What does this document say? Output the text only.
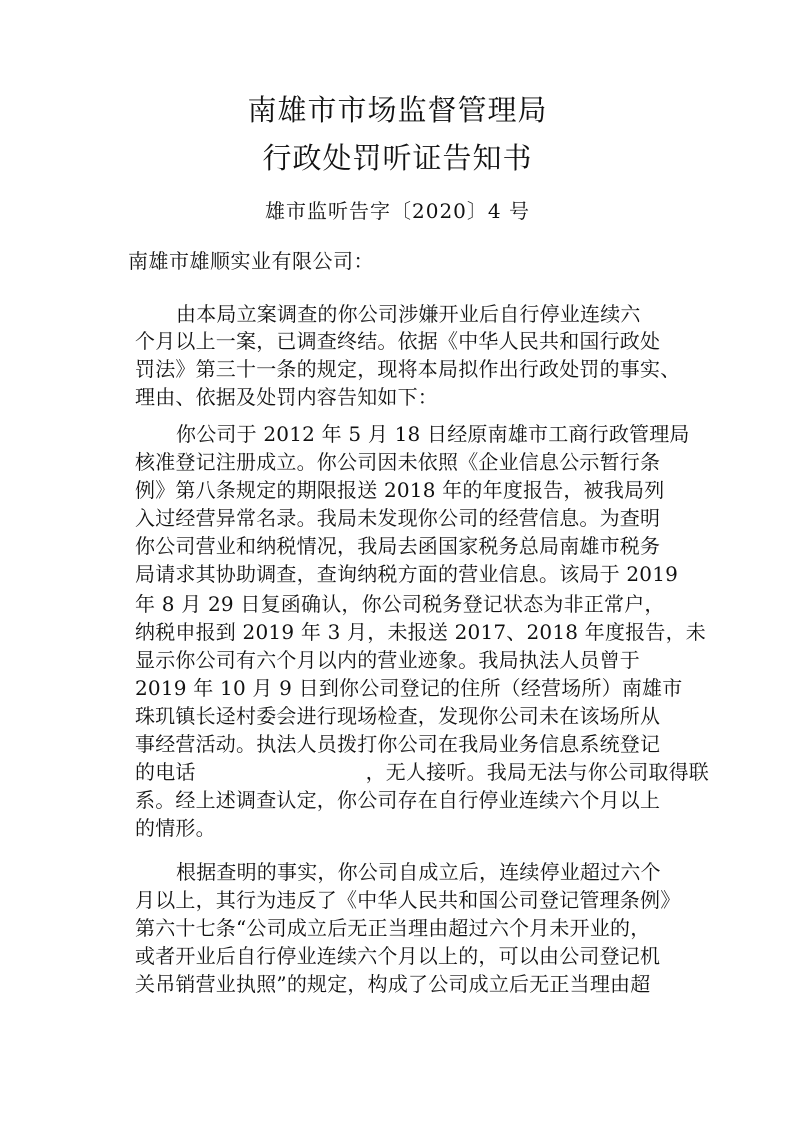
南雄市市场监督管理局
行政处罚听证告知书
雄市监听告字〔2020〕4 号
南雄市雄顺实业有限公司：
由本局立案调查的你公司涉嫌开业后自行停业连续六
个月以上一案，已调查终结。依据《中华人民共和国行政处
罚法》第三十一条的规定，现将本局拟作出行政处罚的事实、
理由、依据及处罚内容告知如下：
你公司于 2012 年 5 月 18 日经原南雄市工商行政管理局
核准登记注册成立。你公司因未依照《企业信息公示暂行条
例》第八条规定的期限报送 2018 年的年度报告，被我局列
入过经营异常名录。我局未发现你公司的经营信息。为查明
你公司营业和纳税情况，我局去函国家税务总局南雄市税务
局请求其协助调查，查询纳税方面的营业信息。该局于 2019
年 8 月 29 日复函确认，你公司税务登记状态为非正常户，
纳税申报到 2019 年 3 月，未报送 2017、2018 年度报告，未
显示你公司有六个月以内的营业迹象。我局执法人员曾于
2019 年 10 月 9 日到你公司登记的住所（经营场所）南雄市
珠玑镇长迳村委会进行现场检查，发现你公司未在该场所从
事经营活动。执法人员拨打你公司在我局业务信息系统登记
的电话	，无人接听。我局无法与你公司取得联
系。经上述调查认定，你公司存在自行停业连续六个月以上
的情形。
根据查明的事实，你公司自成立后，连续停业超过六个
月以上，其行为违反了《中华人民共和国公司登记管理条例》
第六十七条“公司成立后无正当理由超过六个月未开业的，
或者开业后自行停业连续六个月以上的，可以由公司登记机
关吊销营业执照”的规定，构成了公司成立后无正当理由超
